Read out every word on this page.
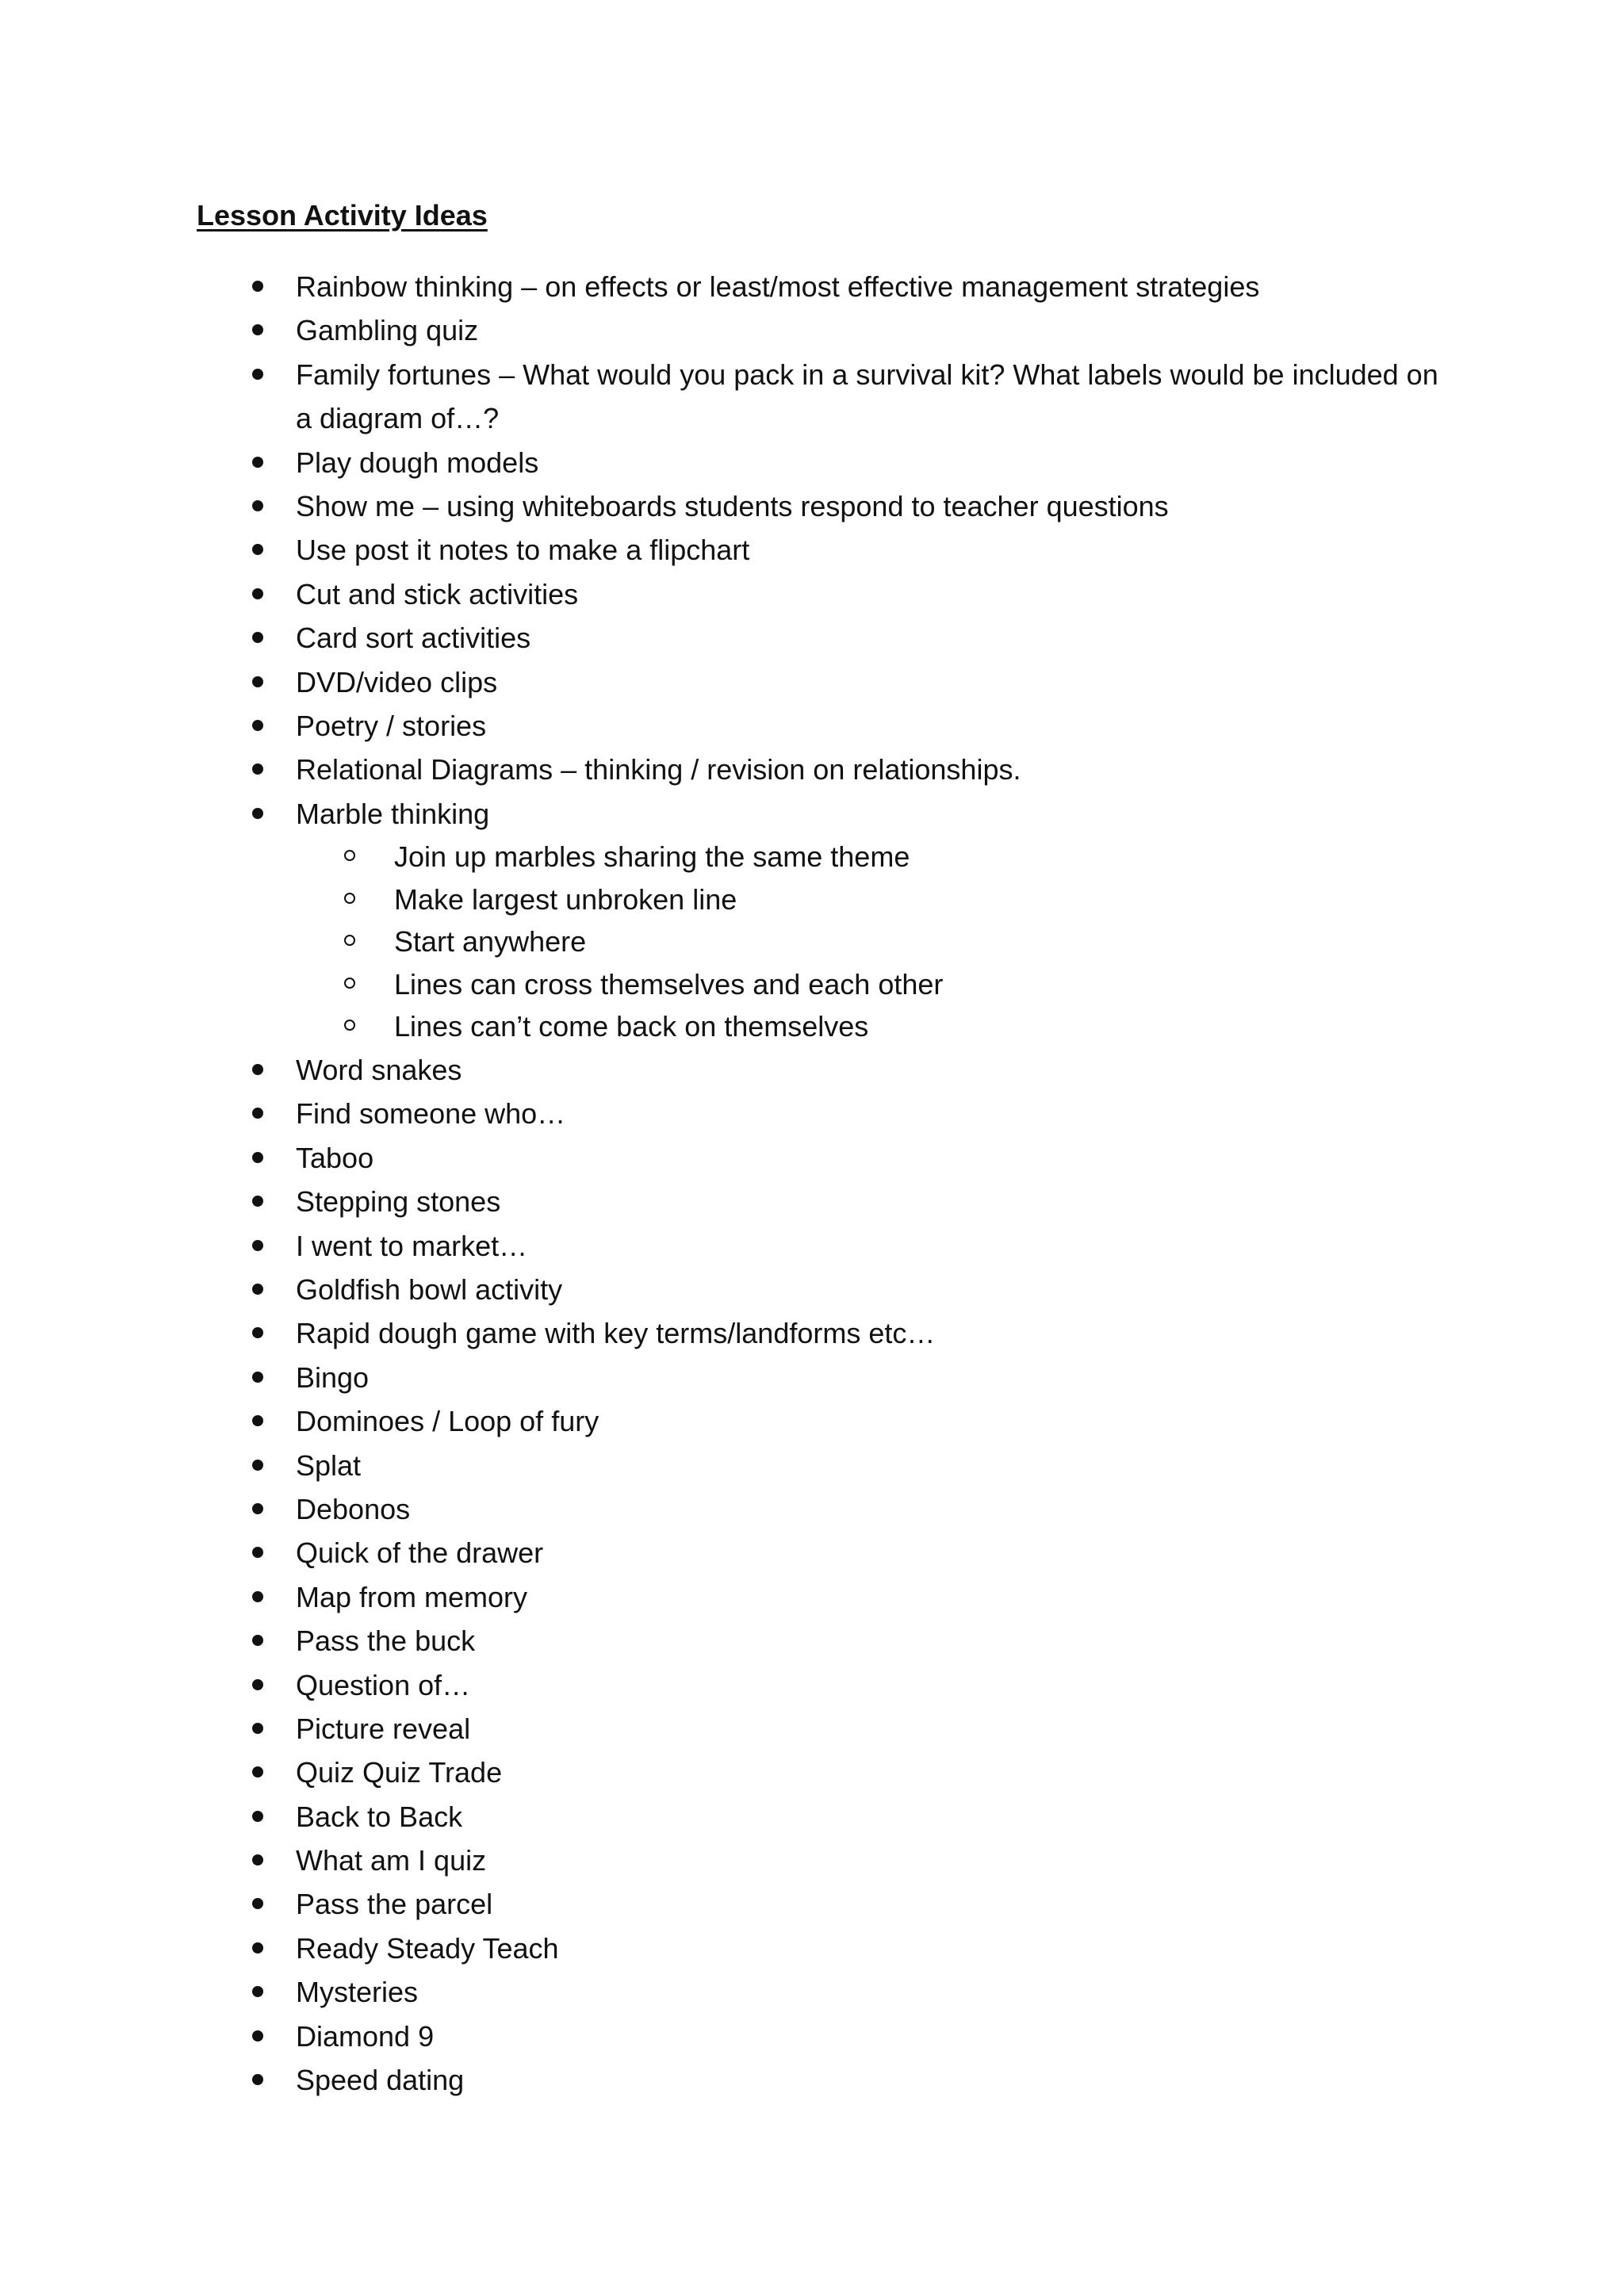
Lesson Activity Ideas

Rainbow thinking – on effects or least/most effective management strategies

Gambling quiz

Family fortunes – What would you pack in a survival kit? What labels would be included on a diagram of…?

Play dough models

Show me – using whiteboards students respond to teacher questions

Use post it notes to make a flipchart

Cut and stick activities

Card sort activities

DVD/video clips

Poetry / stories

Relational Diagrams – thinking / revision on relationships.

Marble thinking

Join up marbles sharing the same theme

Make largest unbroken line

Start anywhere

Lines can cross themselves and each other

Lines can’t come back on themselves

Word snakes

Find someone who…

Taboo

Stepping stones

I went to market…

Goldfish bowl activity

Rapid dough game with key terms/landforms etc…

Bingo

Dominoes / Loop of fury

Splat

Debonos

Quick of the drawer

Map from memory

Pass the buck

Question of…

Picture reveal

Quiz Quiz Trade

Back to Back

What am I quiz

Pass the parcel

Ready Steady Teach

Mysteries

Diamond 9

Speed dating
